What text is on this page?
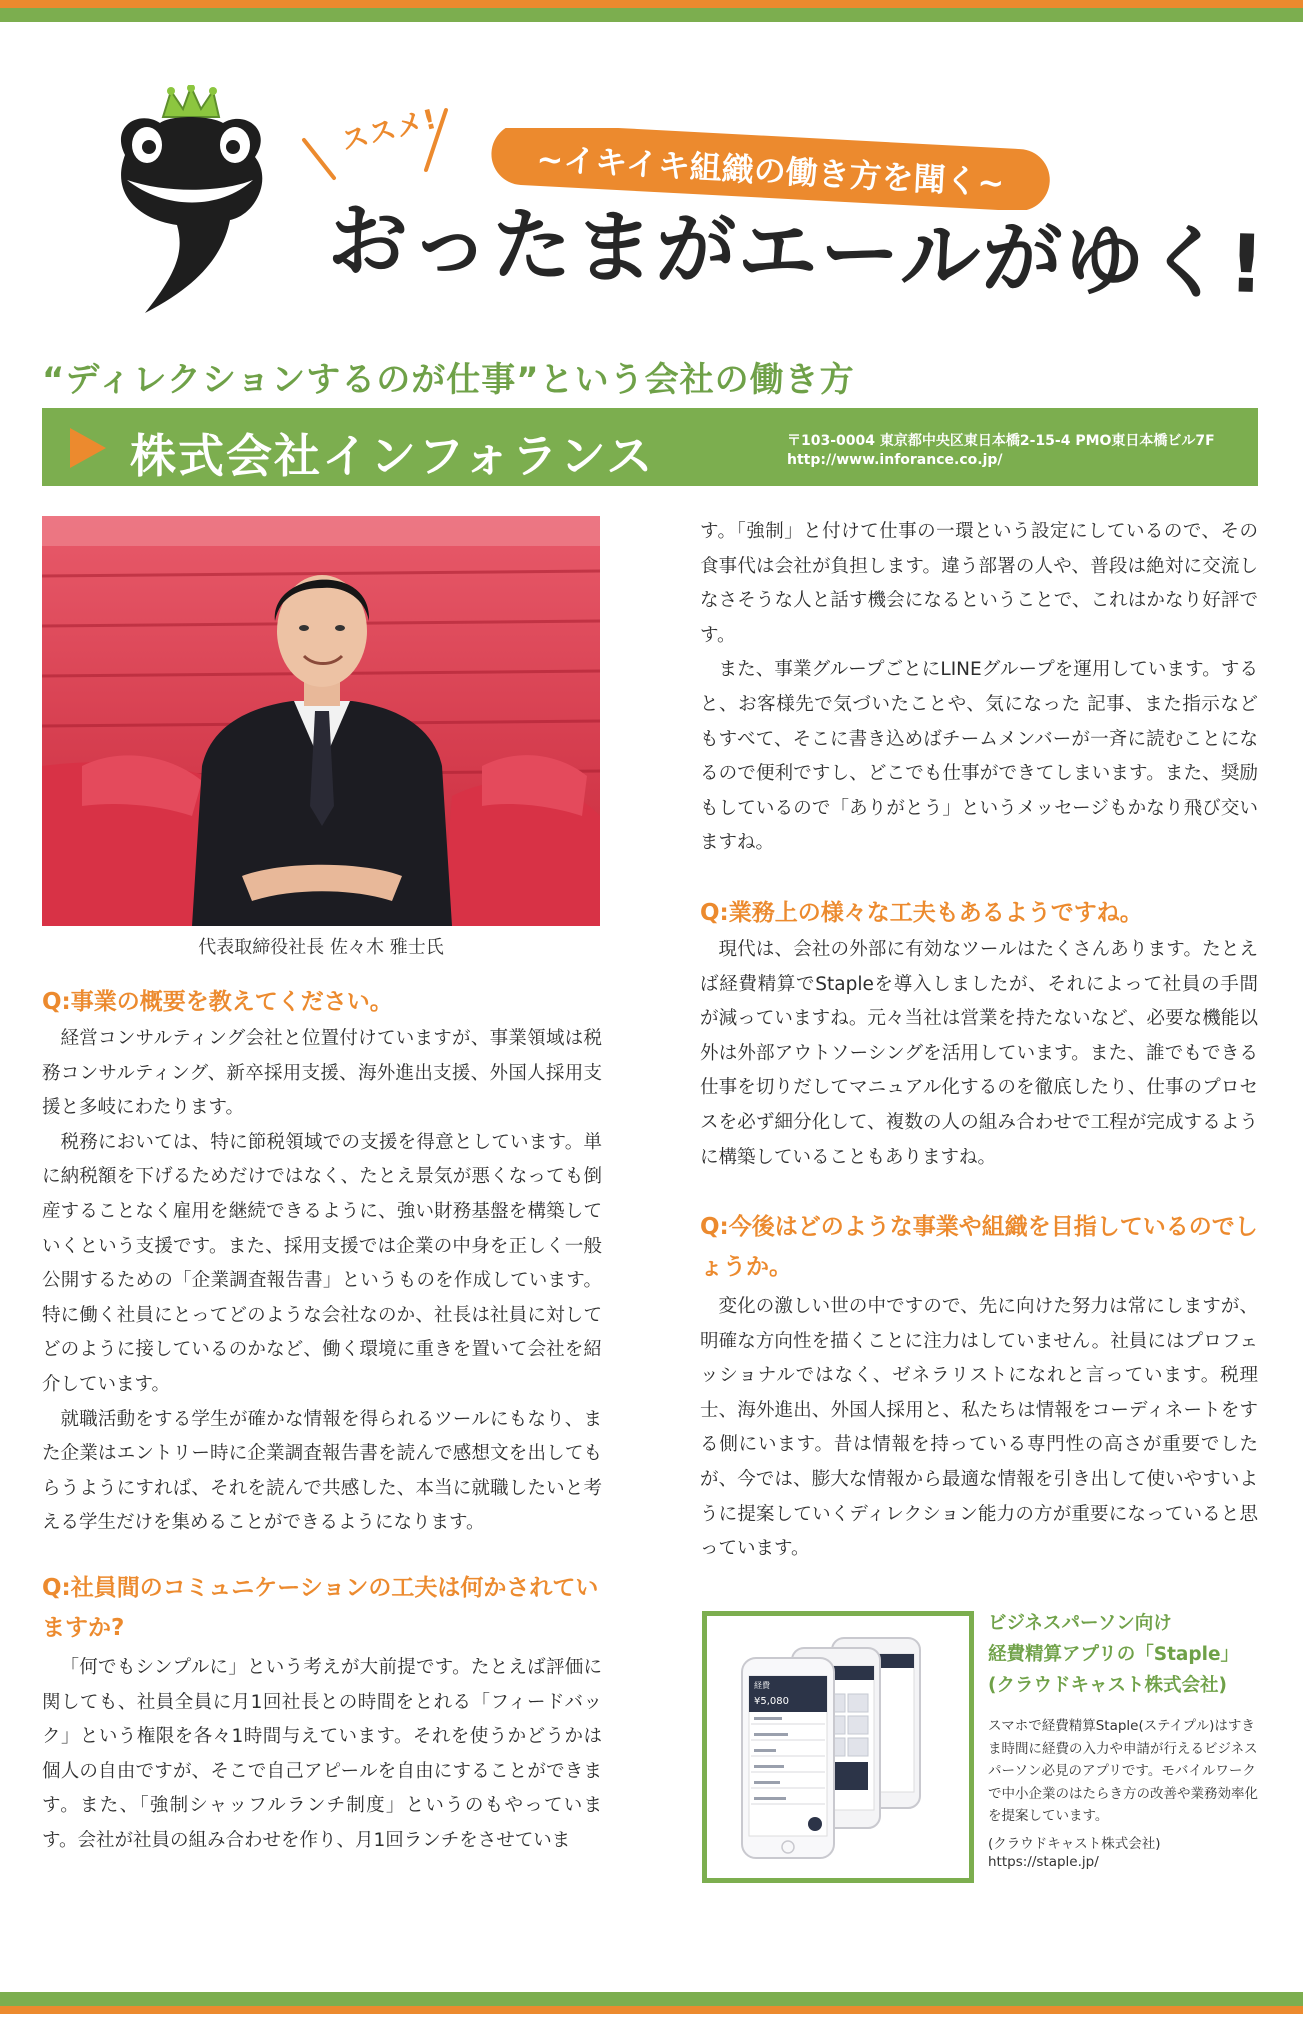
ススメ!
~イキイキ組織の働き方を聞く~
おったまがエールがゆく!
“ディレクションするのが仕事”という会社の働き方
株式会社インフォランス	〒103-0004 東京都中央区東日本橋2-15-4 PMO東日本橋ビル7F
http://www.inforance.co.jp/
代表取締役社長 佐々木 雅士氏
Q:事業の概要を教えてください。
経営コンサルティング会社と位置付けていますが、事業領域は税務コンサルティング、新卒採用支援、海外進出支援、外国人採用支援と多岐にわたります。
税務においては、特に節税領域での支援を得意としています。単に納税額を下げるためだけではなく、たとえ景気が悪くなっても倒産することなく雇用を継続できるように、強い財務基盤を構築していくという支援です。また、採用支援では企業の中身を正しく一般公開するための「企業調査報告書」というものを作成しています。特に働く社員にとってどのような会社なのか、社長は社員に対してどのように接しているのかなど、働く環境に重きを置いて会社を紹介しています。
就職活動をする学生が確かな情報を得られるツールにもなり、また企業はエントリー時に企業調査報告書を読んで感想文を出してもらうようにすれば、それを読んで共感した、本当に就職したいと考える学生だけを集めることができるようになります。
Q:社員間のコミュニケーションの工夫は何かされていますか?
「何でもシンプルに」という考えが大前提です。たとえば評価に関しても、社員全員に月1回社長との時間をとれる「フィードバック」という権限を各々1時間与えています。それを使うかどうかは個人の自由ですが、そこで自己アピールを自由にすることができます。また、「強制シャッフルランチ制度」というのもやっています。会社が社員の組み合わせを作り、月1回ランチをさせていま
す。「強制」と付けて仕事の一環という設定にしているので、その食事代は会社が負担します。違う部署の人や、普段は絶対に交流しなさそうな人と話す機会になるということで、これはかなり好評です。
また、事業グループごとにLINEグループを運用しています。すると、お客様先で気づいたことや、気になった 記事、また指示などもすべて、そこに書き込めばチームメンバーが一斉に読むことになるので便利ですし、どこでも仕事ができてしまいます。また、奨励もしているので「ありがとう」というメッセージもかなり飛び交いますね。
Q:業務上の様々な工夫もあるようですね。
現代は、会社の外部に有効なツールはたくさんあります。たとえば経費精算でStapleを導入しましたが、それによって社員の手間が減っていますね。元々当社は営業を持たないなど、必要な機能以外は外部アウトソーシングを活用しています。また、誰でもできる仕事を切りだしてマニュアル化するのを徹底したり、仕事のプロセスを必ず細分化して、複数の人の組み合わせで工程が完成するように構築していることもありますね。
Q:今後はどのような事業や組織を目指しているのでしょうか。
変化の激しい世の中ですので、先に向けた努力は常にしますが、明確な方向性を描くことに注力はしていません。社員にはプロフェッショナルではなく、ゼネラリストになれと言っています。税理士、海外進出、外国人採用と、私たちは情報をコーディネートをする側にいます。昔は情報を持っている専門性の高さが重要でしたが、今では、膨大な情報から最適な情報を引き出して使いやすいように提案していくディレクション能力の方が重要になっていると思っています。
経費
¥5,080
ビジネスパーソン向け
経費精算アプリの「Staple」
(クラウドキャスト株式会社)
スマホで経費精算Staple(ステイプル)はすきま時間に経費の入力や申請が行えるビジネスパーソン必見のアプリです。モバイルワークで中小企業のはたらき方の改善や業務効率化を提案しています。
(クラウドキャスト株式会社)
https://staple.jp/
